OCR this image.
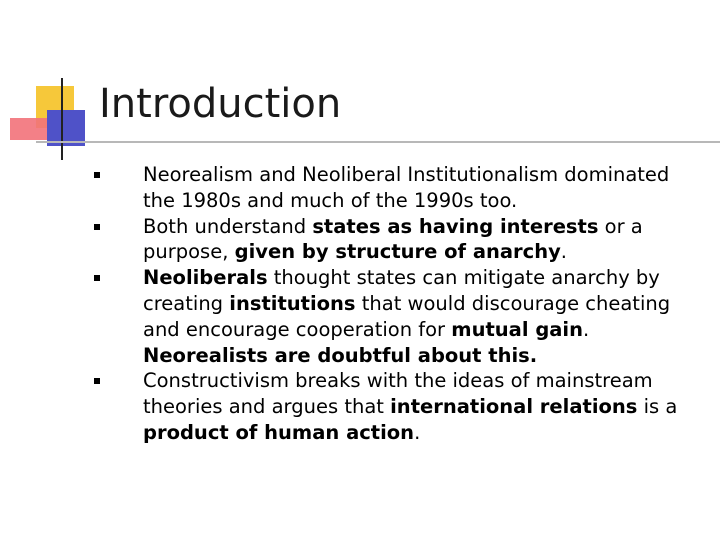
Introduction
Neorealism and Neoliberal Institutionalism dominated the 1980s and much of the 1990s too.
Both understand states as having interests or a purpose, given by structure of anarchy.
Neoliberals thought states can mitigate anarchy by creating institutions that would discourage cheating and encourage cooperation for mutual gain. Neorealists are doubtful about this.
Constructivism breaks with the ideas of mainstream theories and argues that international relations is a product of human action.
